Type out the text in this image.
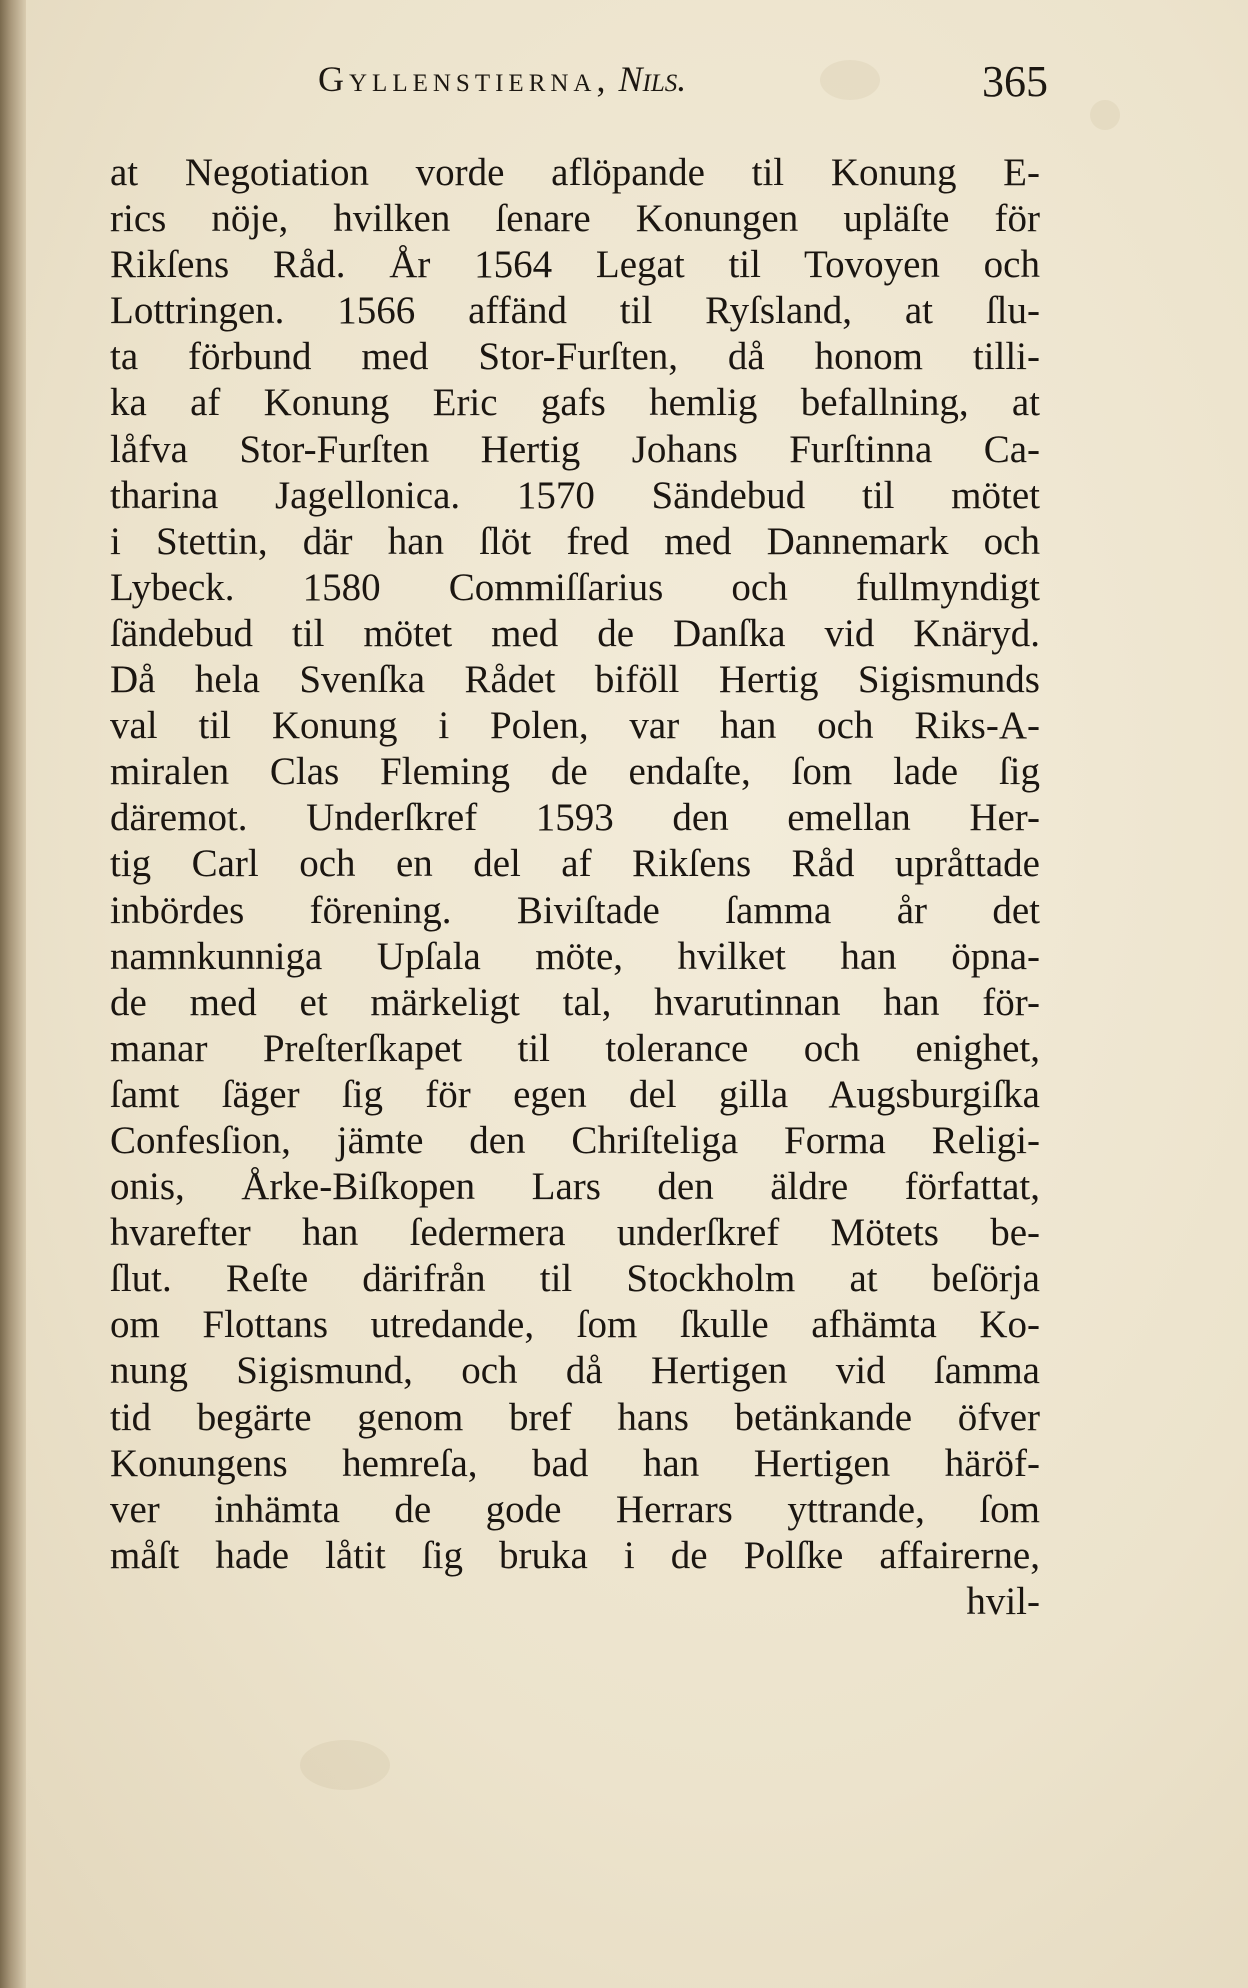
Gyllenstierna, Nils.	365
at Negotiation vorde aflöpande til Konung E-
rics nöje, hvilken ſenare Konungen upläſte för
Rikſens Råd. År 1564 Legat til Tovoyen och
Lottringen. 1566 affänd til Ryſsland, at ſlu-
ta förbund med Stor-Furſten, då honom tilli-
ka af Konung Eric gafs hemlig befallning, at
låfva Stor-Furſten Hertig Johans Furſtinna Ca-
tharina Jagellonica. 1570 Sändebud til mötet
i Stettin, där han ſlöt fred med Dannemark och
Lybeck. 1580 Commiſſarius och fullmyndigt
ſändebud til mötet med de Danſka vid Knäryd.
Då hela Svenſka Rådet biföll Hertig Sigismunds
val til Konung i Polen, var han och Riks-A-
miralen Clas Fleming de endaſte, ſom lade ſig
däremot. Underſkref 1593 den emellan Her-
tig Carl och en del af Rikſens Råd upråttade
inbördes förening. Biviſtade ſamma år det
namnkunniga Upſala möte, hvilket han öpna-
de med et märkeligt tal, hvarutinnan han för-
manar Preſterſkapet til tolerance och enighet,
ſamt ſäger ſig för egen del gilla Augsburgiſka
Confesſion, jämte den Chriſteliga Forma Religi-
onis, Årke-Biſkopen Lars den äldre författat,
hvarefter han ſedermera underſkref Mötets be-
ſlut. Reſte därifrån til Stockholm at beſörja
om Flottans utredande, ſom ſkulle afhämta Ko-
nung Sigismund, och då Hertigen vid ſamma
tid begärte genom bref hans betänkande öfver
Konungens hemreſa, bad han Hertigen häröf-
ver inhämta de gode Herrars yttrande, ſom
måſt hade låtit ſig bruka i de Polſke affairerne,
hvil-
